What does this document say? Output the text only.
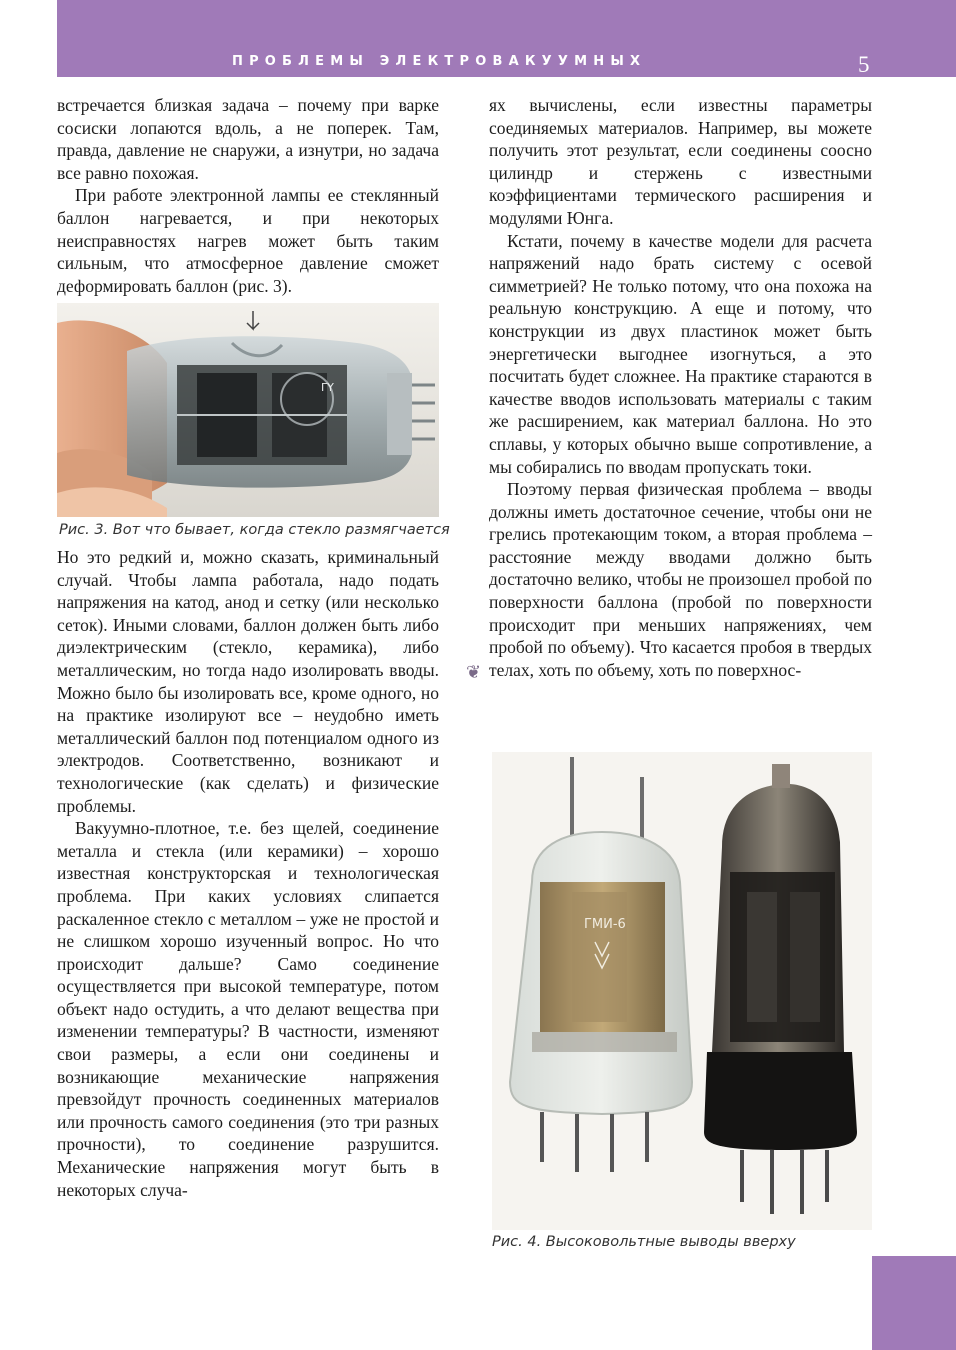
ПРОБЛЕМЫ ЭЛЕКТРОВАКУУМНЫХ	5

встречается близкая задача – почему при варке сосиски лопаются вдоль, а не поперек. Там, правда, давление не снаружи, а изнутри, но задача все равно похожая.

При работе электронной лампы ее стеклянный баллон нагревается, и при некоторых неисправностях нагрев может быть таким сильным, что атмосферное давление сможет деформировать баллон (рис. 3).

ΓΥ
Рис. 3. Вот что бывает, когда стекло размягчается

Но это редкий и, можно сказать, криминальный случай. Чтобы лампа работала, надо подать напряжения на катод, анод и сетку (или несколько сеток). Иными словами, баллон должен быть либо диэлектрическим (стекло, керамика), либо металлическим, но тогда надо изолировать вводы. Можно было бы изолировать все, кроме одного, но на практике изолируют все – неудобно иметь металлический баллон под потенциалом одного из электродов. Соответственно, возникают и технологические (как сделать) и физические проблемы.

Вакуумно-плотное, т.е. без щелей, соединение металла и стекла (или керамики) – хорошо известная конструкторская и технологическая проблема. При каких условиях слипается раскаленное стекло с металлом – уже не простой и не слишком хорошо изученный вопрос. Но что происходит дальше? Само соединение осуществляется при высокой температуре, потом объект надо остудить, а что делают вещества при изменении температуры? В частности, изменяют свои размеры, а если они соединены и возникающие механические напряжения превзойдут прочность соединенных материалов или прочность самого соединения (это три разных прочности), то соединение разрушится. Механические напряжения могут быть в некоторых случа-

ях вычислены, если известны параметры соединяемых материалов. Например, вы можете получить этот результат, если соединены соосно цилиндр и стержень с известными коэффициентами термического расширения и модулями Юнга.

Кстати, почему в качестве модели для расчета напряжений надо брать систему с осевой симметрией? Не только потому, что она похожа на реальную конструкцию. А еще и потому, что конструкции из двух пластинок может быть энергетически выгоднее изогнуться, а это посчитать будет сложнее. На практике стараются в качестве вводов использовать материалы с таким же расширением, как материал баллона. Но это сплавы, у которых обычно выше сопротивление, а мы собирались по вводам пропускать токи.

Поэтому первая физическая проблема – вводы должны иметь достаточное сечение, чтобы они не грелись протекающим током, а вторая проблема – расстояние между вводами должно быть достаточно велико, чтобы не произошел пробой по поверхности баллона (пробой по поверхности происходит при меньших напряжениях, чем пробой по объему). Что касается пробоя в твердых телах, хоть по объему, хоть по поверхнос-

❦
ГМИ-6
Рис. 4. Высоковольтные выводы вверху
